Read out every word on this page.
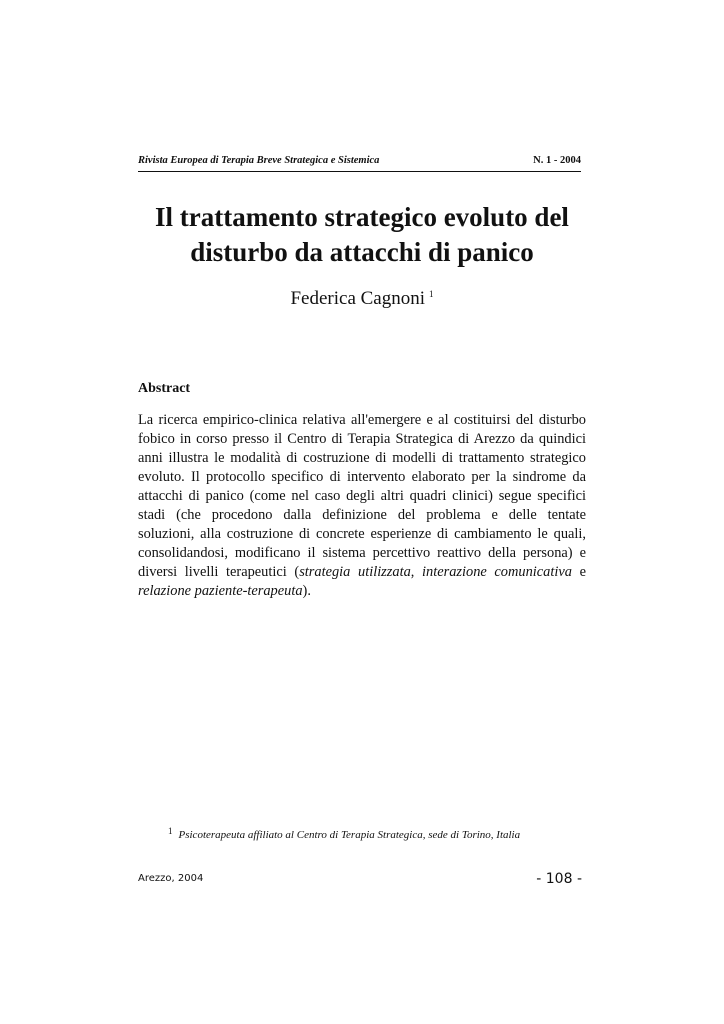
Rivista Europea di Terapia Breve Strategica e Sistemica	N. 1 - 2004
Il trattamento strategico evoluto del
disturbo da attacchi di panico
Federica Cagnoni $^1$
Abstract
La ricerca empirico-clinica relativa all'emergere e al costituirsi del disturbo
fobico in corso presso il Centro di Terapia Strategica di Arezzo da quindici
anni illustra le modalità di costruzione di modelli di trattamento strategico
evoluto. Il protocollo specifico di intervento elaborato per la sindrome da
attacchi di panico (come nel caso degli altri quadri clinici) segue specifici
stadi (che procedono dalla definizione del problema e delle tentate
soluzioni, alla costruzione di concrete esperienze di cambiamento le quali,
consolidandosi, modificano il sistema percettivo reattivo della persona) e
diversi livelli terapeutici (strategia utilizzata, interazione comunicativa e
relazione paziente-terapeuta).
$^1$ Psicoterapeuta affiliato al Centro di Terapia Strategica, sede di Torino, Italia
Arezzo, 2004	- 108 -
